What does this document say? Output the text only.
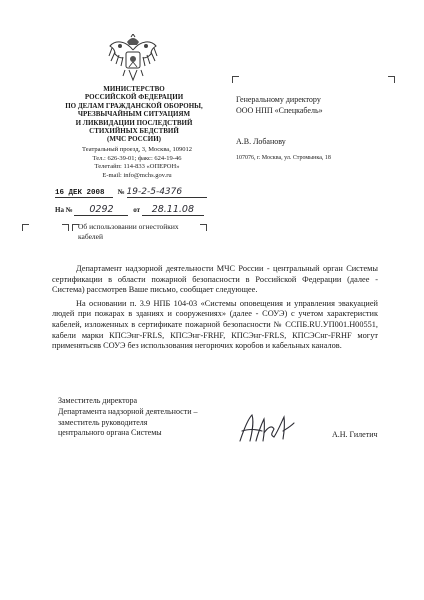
МИНИСТЕРСТВО
РОССИЙСКОЙ ФЕДЕРАЦИИ
ПО ДЕЛАМ ГРАЖДАНСКОЙ ОБОРОНЫ,
ЧРЕЗВЫЧАЙНЫМ СИТУАЦИЯМ
И ЛИКВИДАЦИИ ПОСЛЕДСТВИЙ
СТИХИЙНЫХ БЕДСТВИЙ
(МЧС РОССИИ)
Театральный проезд, 3, Москва, 109012
Тел.: 626-39-01; факс: 624-19-46
Телетайп: 114-833 «ОПЕРОН»
E-mail: info@mchs.gov.ru
16 ДЕК 2008 № 19-2-5-4376
На № 0292	от 28.11.08
Генеральному директору
ООО НПП «Спецкабель»
А.В. Лобанову
107076, г. Москва, ул. Стромынка, 18
Об использовании огнестойких кабелей

Департамент надзорной деятельности МЧС России - центральный орган Системы сертификации в области пожарной безопасности в Российской Федерации (далее - Система) рассмотрев Ваше письмо, сообщает следующее.

На основании п. 3.9 НПБ 104-03 «Системы оповещения и управления эвакуацией людей при пожарах в зданиях и сооружениях» (далее - СОУЭ) с учетом характеристик кабелей, изложенных в сертификате пожарной безопасности № ССПБ.RU.УП001.Н00551, кабели марки КПСЭнг-FRLS, КПСЭнг-FRHF, КПСЭнг-FRLS, КПСЭСнг-FRHF могут применятьсяв СОУЭ без использования негорючих коробов и кабельных каналов.

Заместитель директора
Департамента надзорной деятельности –
заместитель руководителя
центрального органа Системы	А.Н. Гилетич
